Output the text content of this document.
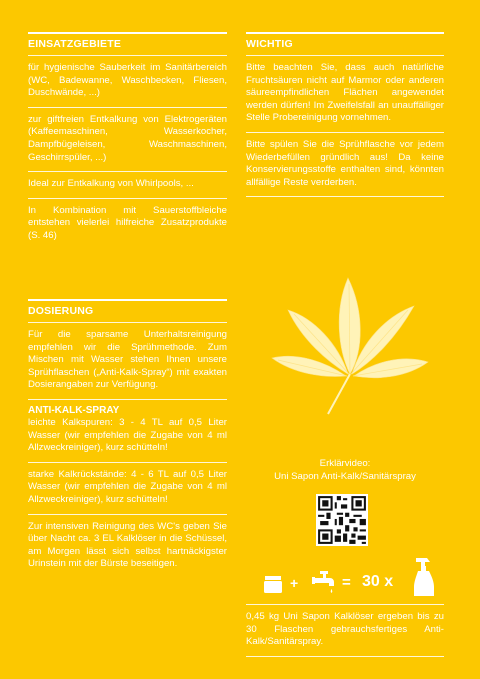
EINSATZGEBIETE
für hygienische Sauberkeit im Sanitärbereich (WC, Badewanne, Waschbecken, Fliesen, Duschwände, ...)
zur giftfreien Entkalkung von Elektrogeräten (Kaffeemaschinen, Wasserkocher, Dampfbügeleisen, Waschmaschinen, Geschirrspüler, ...)
Ideal zur Entkalkung von Whirlpools, ...
In Kombination mit Sauerstoffbleiche entstehen vielerlei hilfreiche Zusatzprodukte (S. 46)
DOSIERUNG
Für die sparsame Unterhaltsreinigung empfehlen wir die Sprühmethode. Zum Mischen mit Wasser stehen Ihnen unsere Sprühflaschen („Anti-Kalk-Spray“) mit exakten Dosierangaben zur Verfügung.
ANTI-KALK-SPRAY
leichte Kalkspuren: 3 - 4 TL auf 0,5 Liter Wasser (wir empfehlen die Zugabe von 4 ml Allzweckreiniger), kurz schütteln!
starke Kalkrückstände: 4 - 6 TL auf 0,5 Liter Wasser (wir empfehlen die Zugabe von 4 ml Allzweckreiniger), kurz schütteln!
Zur intensiven Reinigung des WC's geben Sie über Nacht ca. 3 EL Kalklöser in die Schüssel, am Morgen lässt sich selbst hartnäckigster Urinstein mit der Bürste beseitigen.
WICHTIG
Bitte beachten Sie, dass auch natürliche Fruchtsäuren nicht auf Marmor oder anderen säureempfindlichen Flächen angewendet werden dürfen! Im Zweifelsfall an unauffälliger Stelle Probereinigung vornehmen.
Bitte spülen Sie die Sprühflasche vor jedem Wiederbefüllen gründlich aus! Da keine Konservierungsstoffe enthalten sind, könnten allfällige Reste verderben.
Erklärvideo:
Uni Sapon Anti-Kalk/Sanitärspray
+	= 30 x
0,45 kg Uni Sapon Kalklöser ergeben bis zu 30 Flaschen gebrauchsfertiges Anti-Kalk/Sanitärspray.
